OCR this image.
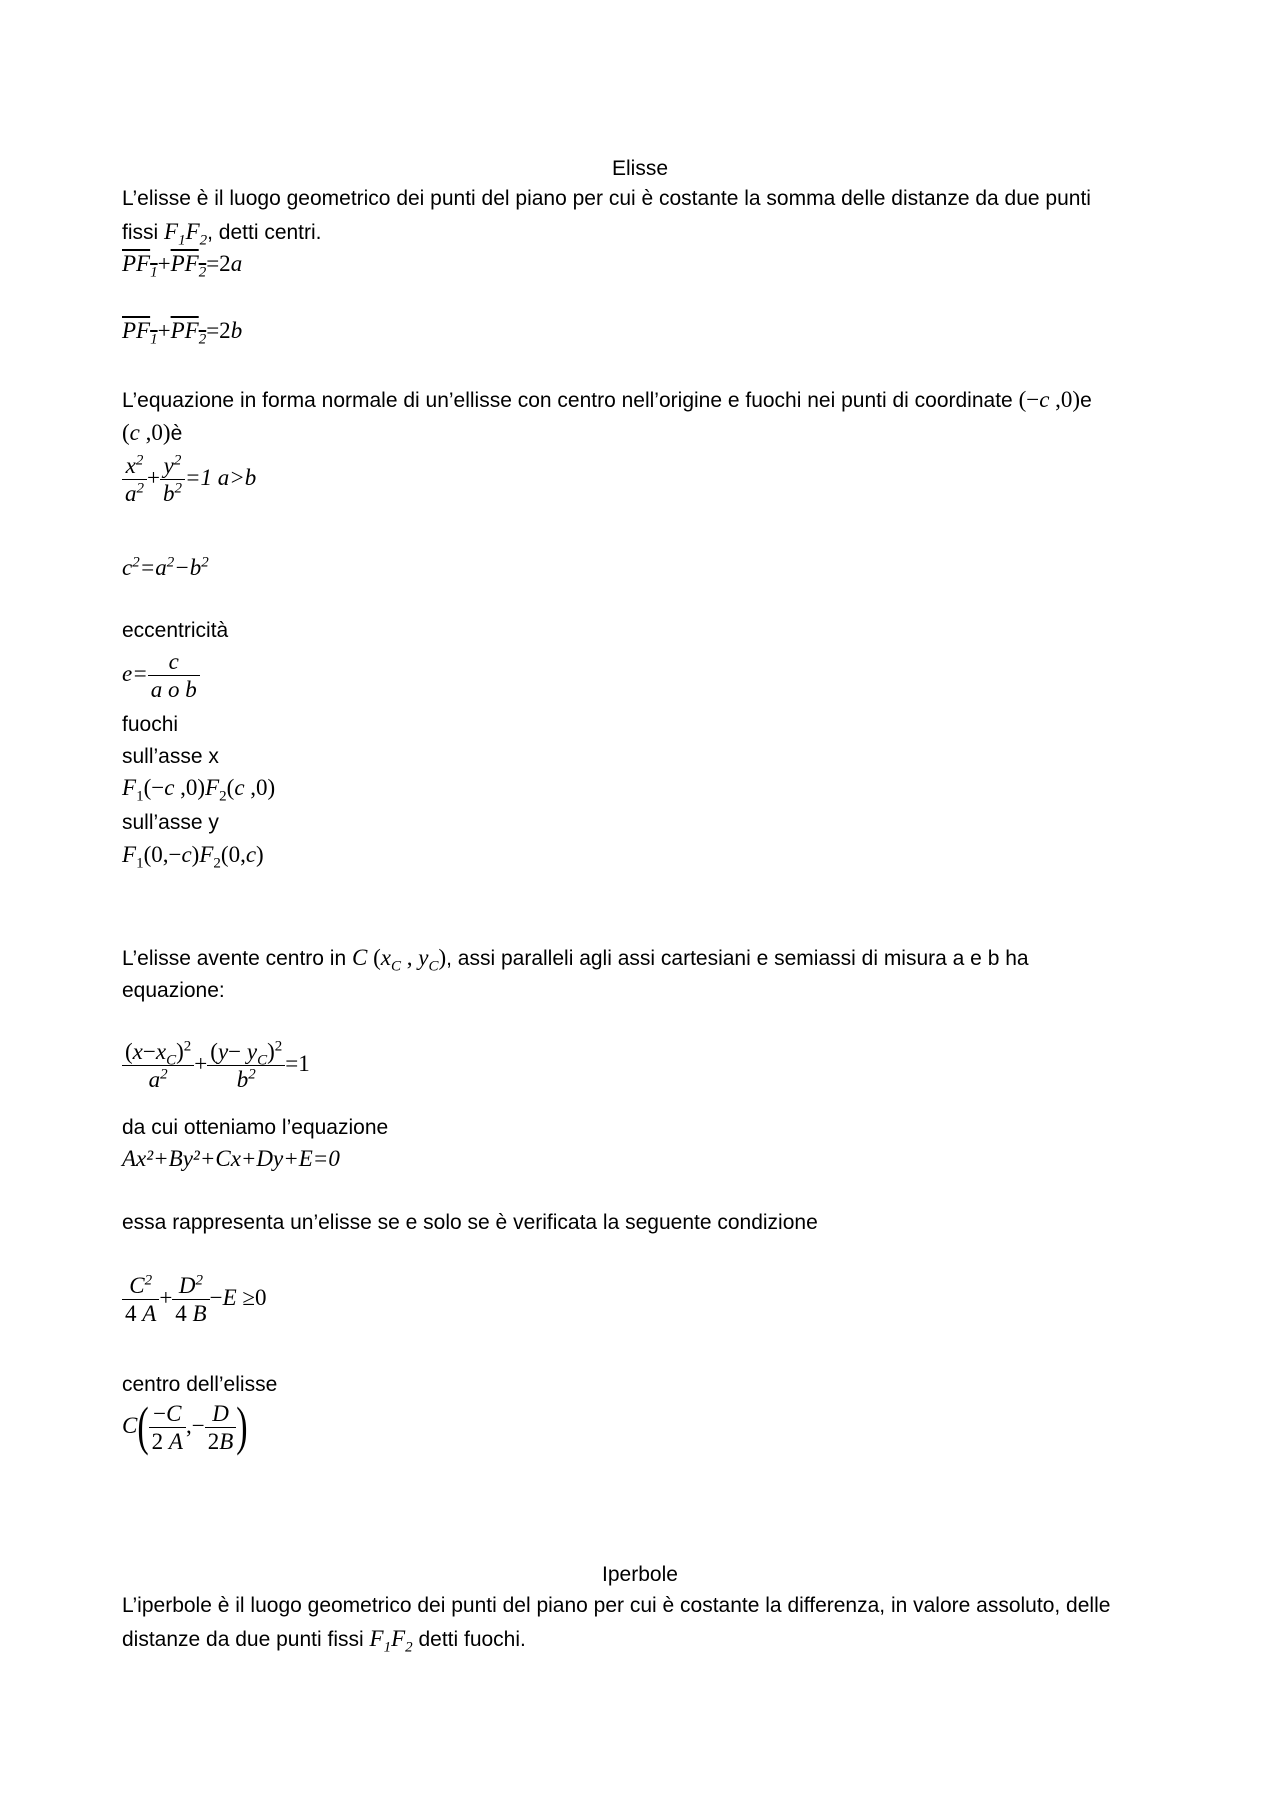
Elisse
L’elisse è il luogo geometrico dei punti del piano per cui è costante la somma delle distanze da due punti
fissi $F_1F_2$, detti centri.
$PF_1+PF_2=2a$
$PF_1+PF_2=2b$
L’equazione in forma normale di un’ellisse con centro nell’origine e fuochi nei punti di coordinate (−c ,0)e
(c ,0)è
$\frac{x^2}{a^2} + \frac{y^2}{b^2} =1$ a>b
$c^2=a^2-b^2$
eccentricità
$e= \frac{c}{\text{a o b}}$
fuochi
sull’asse x
$F_1(-c$ $,0)F_2(c$ ,0)
sull’asse y
$F_1(0,-c)F_2(0,c)$
L’elisse avente centro in C ($x_C$ , $y_C$), assi paralleli agli assi cartesiani e semiassi di misura a e b ha
equazione:
$\frac{(x-x_C)^2}{a^2} + \frac{(y- y_C)^2}{b^2} =1$
da cui otteniamo l’equazione
Ax²+By²+Cx+Dy+E=0
essa rappresenta un’elisse se e solo se è verificata la seguente condizione
$\frac{C^2}{4 A} + \frac{D^2}{4 B} -E \ge 0$
centro dell’elisse
$C( \frac{-C}{2 A}$ ,− $\frac{D}{2B}$ )
Iperbole
L’iperbole è il luogo geometrico dei punti del piano per cui è costante la differenza, in valore assoluto, delle
distanze da due punti fissi $F_1F_2$ detti fuochi.
